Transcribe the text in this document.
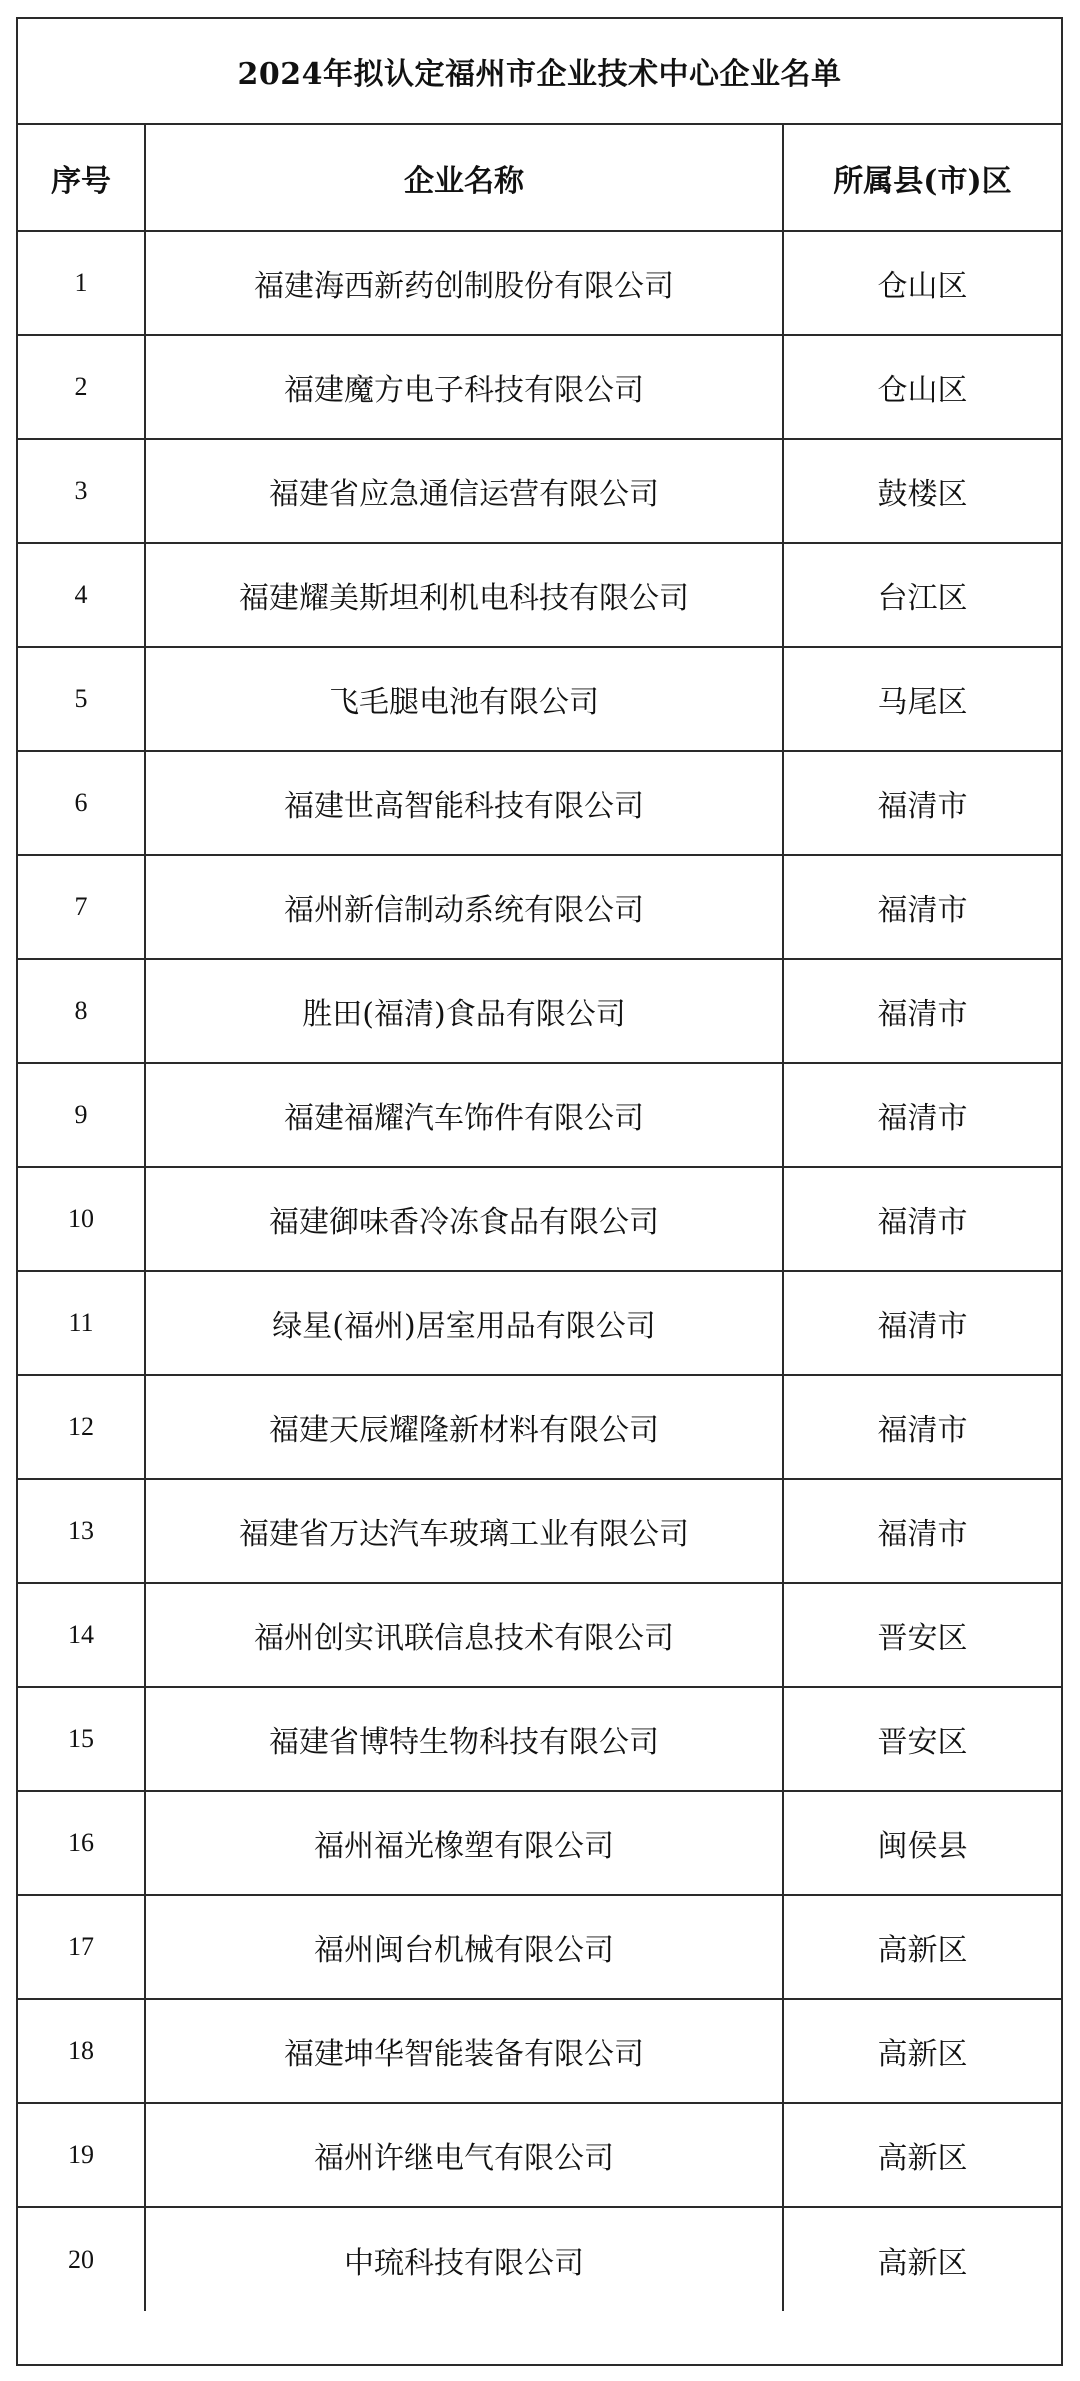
2024年拟认定福州市企业技术中心企业名单
序号	企业名称	所属县(市)区
1	福建海西新药创制股份有限公司	仓山区
2	福建魔方电子科技有限公司	仓山区
3	福建省应急通信运营有限公司	鼓楼区
4	福建耀美斯坦利机电科技有限公司	台江区
5	飞毛腿电池有限公司	马尾区
6	福建世高智能科技有限公司	福清市
7	福州新信制动系统有限公司	福清市
8	胜田(福清)食品有限公司	福清市
9	福建福耀汽车饰件有限公司	福清市
10	福建御味香冷冻食品有限公司	福清市
11	绿星(福州)居室用品有限公司	福清市
12	福建天辰耀隆新材料有限公司	福清市
13	福建省万达汽车玻璃工业有限公司	福清市
14	福州创实讯联信息技术有限公司	晋安区
15	福建省博特生物科技有限公司	晋安区
16	福州福光橡塑有限公司	闽侯县
17	福州闽台机械有限公司	高新区
18	福建坤华智能装备有限公司	高新区
19	福州许继电气有限公司	高新区
20	中琉科技有限公司	高新区
